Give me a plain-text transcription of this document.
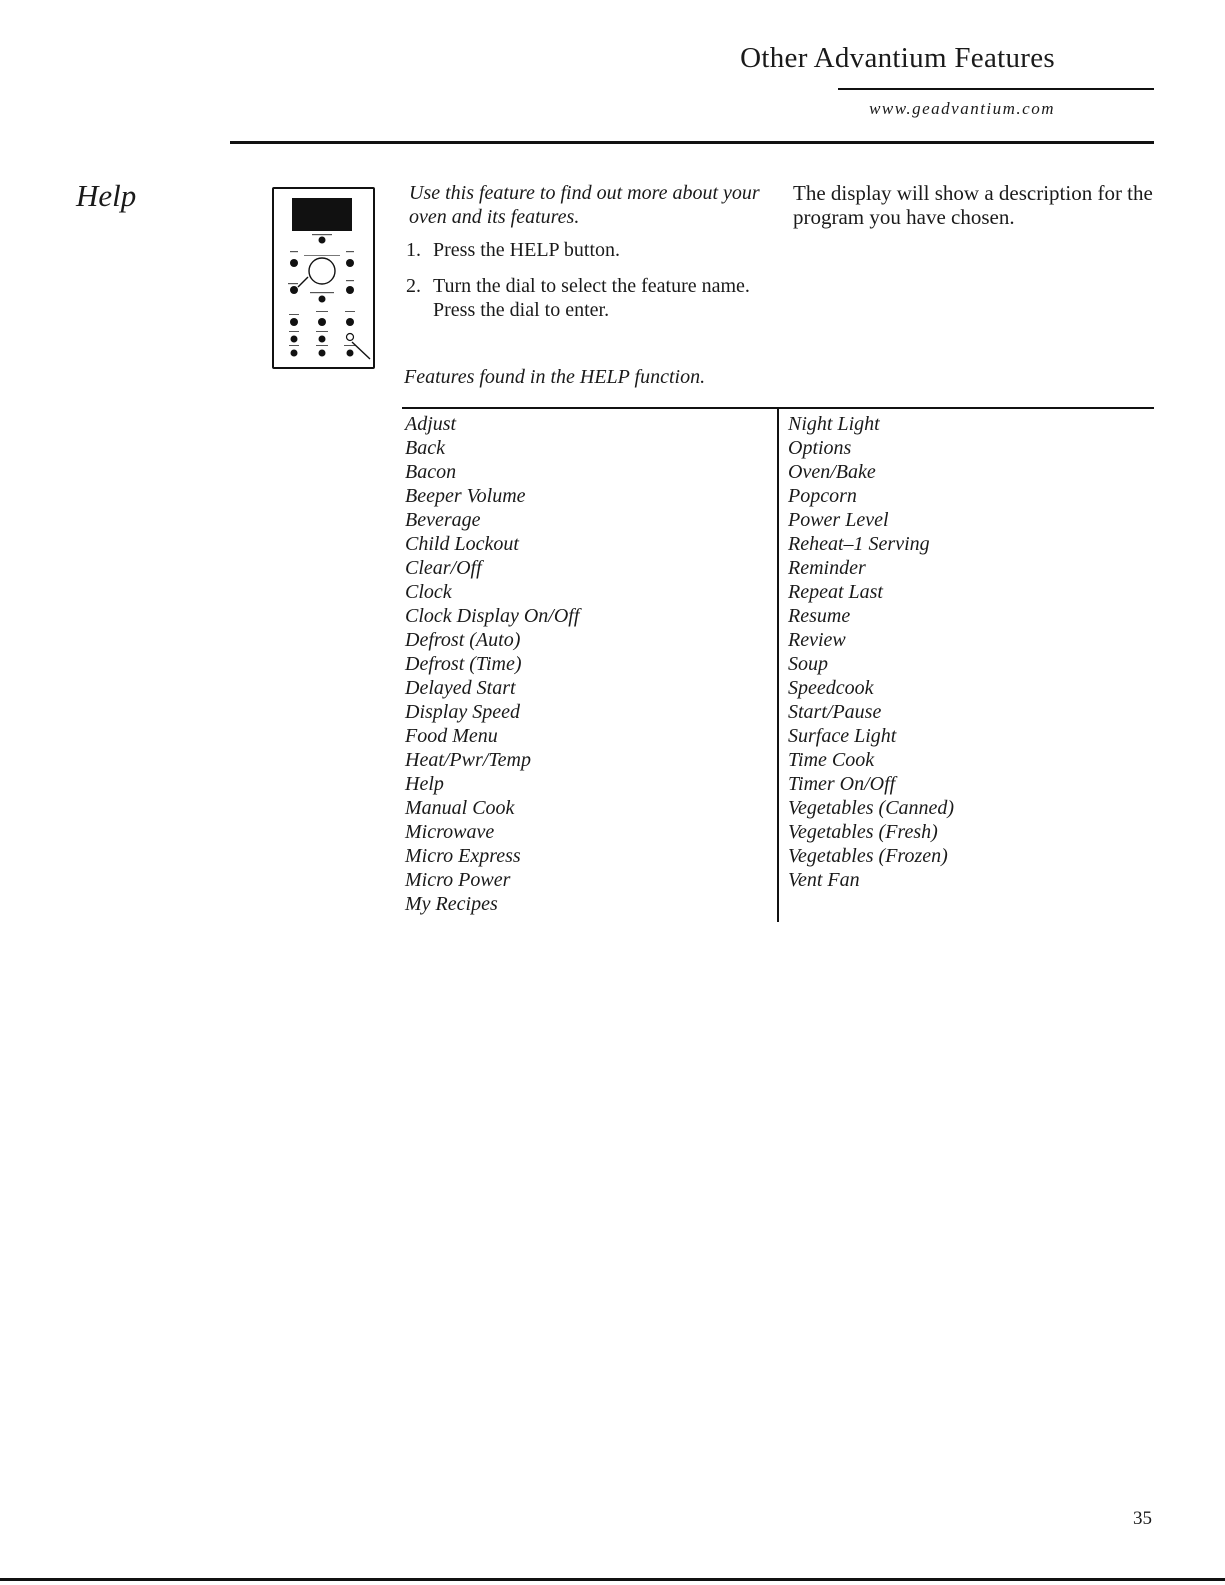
Other Advantium Features
www.geadvantium.com
Help	Use this feature to find out more about your oven and its features.
1. Press the HELP button.
2. Turn the dial to select the feature name. Press the dial to enter.
The display will show a description for the program you have chosen.
Features found in the HELP function.
Adjust
Back
Bacon
Beeper Volume
Beverage
Child Lockout
Clear/Off
Clock
Clock Display On/Off
Defrost (Auto)
Defrost (Time)
Delayed Start
Display Speed
Food Menu
Heat/Pwr/Temp
Help
Manual Cook
Microwave
Micro Express
Micro Power
My Recipes
Night Light
Options
Oven/Bake
Popcorn
Power Level
Reheat–1 Serving
Reminder
Repeat Last
Resume
Review
Soup
Speedcook
Start/Pause
Surface Light
Time Cook
Timer On/Off
Vegetables (Canned)
Vegetables (Fresh)
Vegetables (Frozen)
Vent Fan
35
